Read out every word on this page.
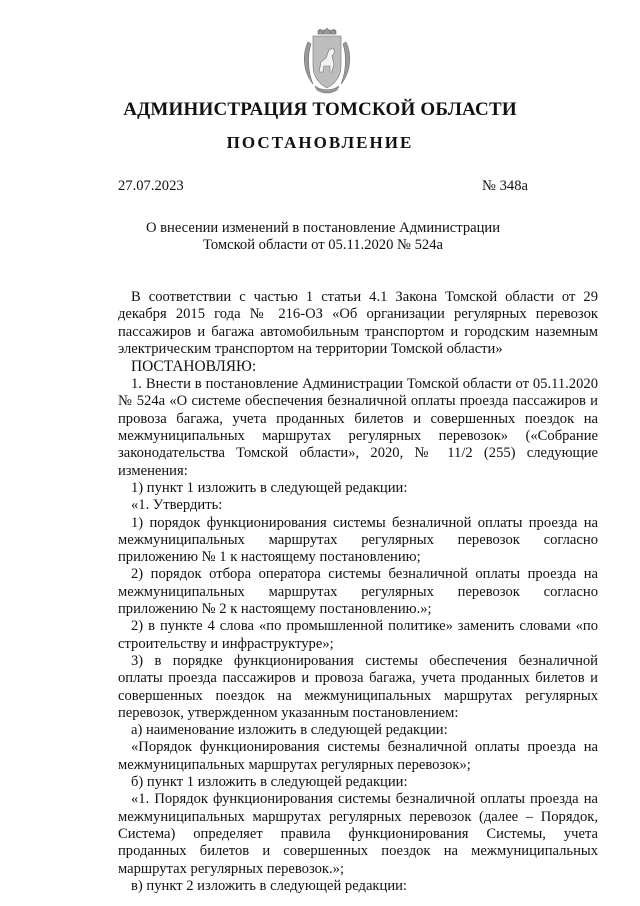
АДМИНИСТРАЦИЯ ТОМСКОЙ ОБЛАСТИ
ПОСТАНОВЛЕНИЕ
27.07.2023	№ 348а
О внесении изменений в постановление Администрации
Томской области от 05.11.2020 № 524а

В соответствии с частью 1 статьи 4.1 Закона Томской области от 29 декабря 2015 года № 216-ОЗ «Об организации регулярных перевозок пассажиров и багажа автомобильным транспортом и городским наземным электрическим транспортом на территории Томской области»

ПОСТАНОВЛЯЮ:

1. Внести в постановление Администрации Томской области от 05.11.2020 № 524а «О системе обеспечения безналичной оплаты проезда пассажиров и провоза багажа, учета проданных билетов и совершенных поездок на межмуниципальных маршрутах регулярных перевозок» («Собрание законодательства Томской области», 2020, № 11/2 (255) следующие изменения:

1) пункт 1 изложить в следующей редакции:

«1. Утвердить:

1) порядок функционирования системы безналичной оплаты проезда на межмуниципальных маршрутах регулярных перевозок согласно приложению № 1 к настоящему постановлению;

2) порядок отбора оператора системы безналичной оплаты проезда на межмуниципальных маршрутах регулярных перевозок согласно приложению № 2 к настоящему постановлению.»;

2) в пункте 4 слова «по промышленной политике» заменить словами «по строительству и инфраструктуре»;

3) в порядке функционирования системы обеспечения безналичной оплаты проезда пассажиров и провоза багажа, учета проданных билетов и совершенных поездок на межмуниципальных маршрутах регулярных перевозок, утвержденном указанным постановлением:

а) наименование изложить в следующей редакции:

«Порядок функционирования системы безналичной оплаты проезда на межмуниципальных маршрутах регулярных перевозок»;

б) пункт 1 изложить в следующей редакции:

«1. Порядок функционирования системы безналичной оплаты проезда на межмуниципальных маршрутах регулярных перевозок (далее – Порядок, Система) определяет правила функционирования Системы, учета проданных билетов и совершенных поездок на межмуниципальных маршрутах регулярных перевозок.»;

в) пункт 2 изложить в следующей редакции:
